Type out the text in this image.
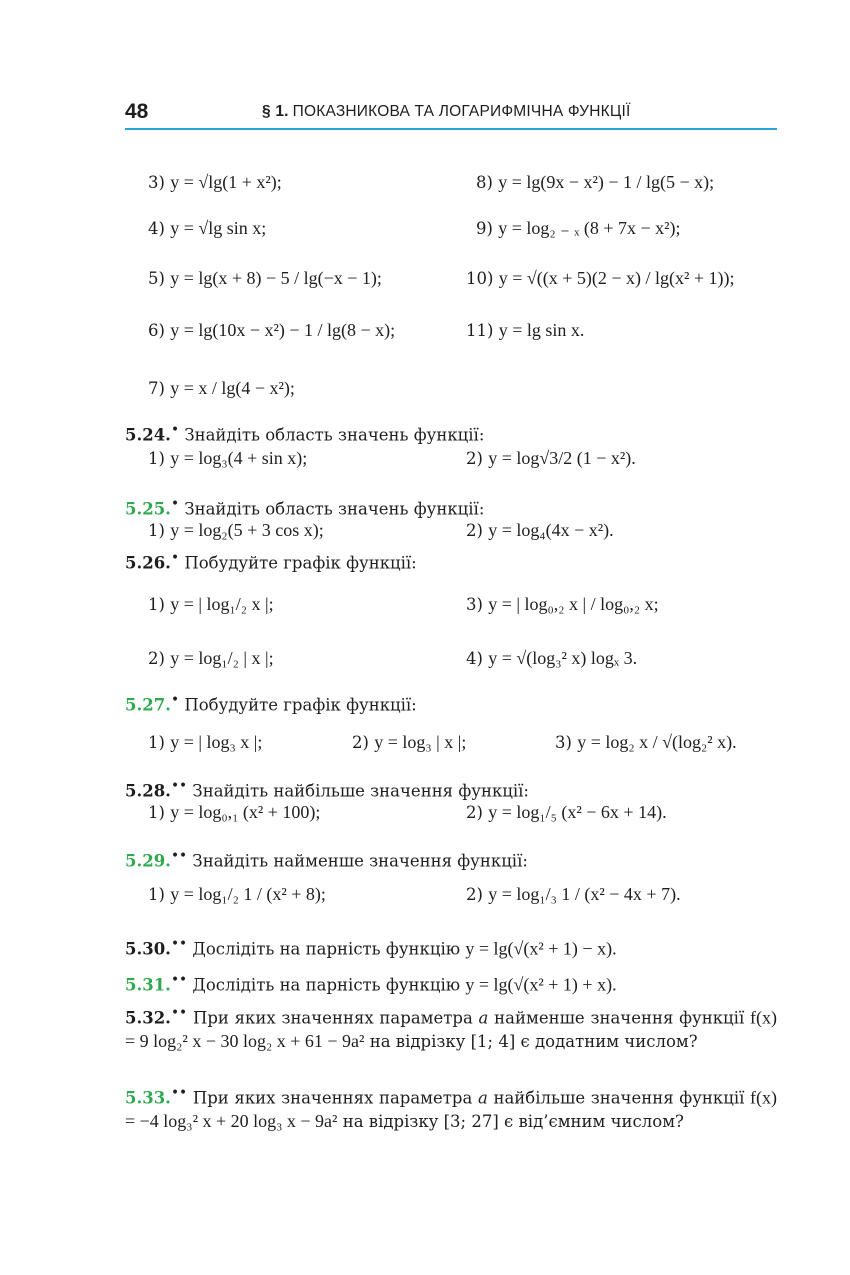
48	§ 1. ПОКАЗНИКОВА ТА ЛОГАРИФМІЧНА ФУНКЦІЇ
3) y = √lg(1 + x²);	8) y = lg(9x − x²) − 1 / lg(5 − x);
4) y = √lg sin x;	9) y = log₂ ₋ ₓ (8 + 7x − x²);
5) y = lg(x + 8) − 5 / lg(−x − 1);	10) y = √((x + 5)(2 − x) / lg(x² + 1));
6) y = lg(10x − x²) − 1 / lg(8 − x);	11) y = lg sin x.
7) y = x / lg(4 − x²);
5.24.• Знайдіть область значень функції:
1) y = log₃(4 + sin x);	2) y = log√3/2 (1 − x²).
5.25.• Знайдіть область значень функції:
1) y = log₂(5 + 3 cos x);	2) y = log₄(4x − x²).
5.26.• Побудуйте графік функції:
1) y = | log₁/₂ x |;	3) y = | log₀,₂ x | / log₀,₂ x;
2) y = log₁/₂ | x |;	4) y = √(log₃² x) logₓ 3.
5.27.• Побудуйте графік функції:
1) y = | log₃ x |;	2) y = log₃ | x |;	3) y = log₂ x / √(log₂² x).
5.28.•• Знайдіть найбільше значення функції:
1) y = log₀,₁ (x² + 100);	2) y = log₁/₅ (x² − 6x + 14).
5.29.•• Знайдіть найменше значення функції:
1) y = log₁/₂ 1 / (x² + 8);	2) y = log₁/₃ 1 / (x² − 4x + 7).
5.30.•• Дослідіть на парність функцію y = lg(√(x² + 1) − x).
5.31.•• Дослідіть на парність функцію y = lg(√(x² + 1) + x).
5.32.•• При яких значеннях параметра a найменше значення функції f(x) = 9 log₂² x − 30 log₂ x + 61 − 9a² на відрізку [1; 4] є додатним числом?
5.33.•• При яких значеннях параметра a найбільше значення функції f(x) = −4 log₃² x + 20 log₃ x − 9a² на відрізку [3; 27] є від’ємним числом?
